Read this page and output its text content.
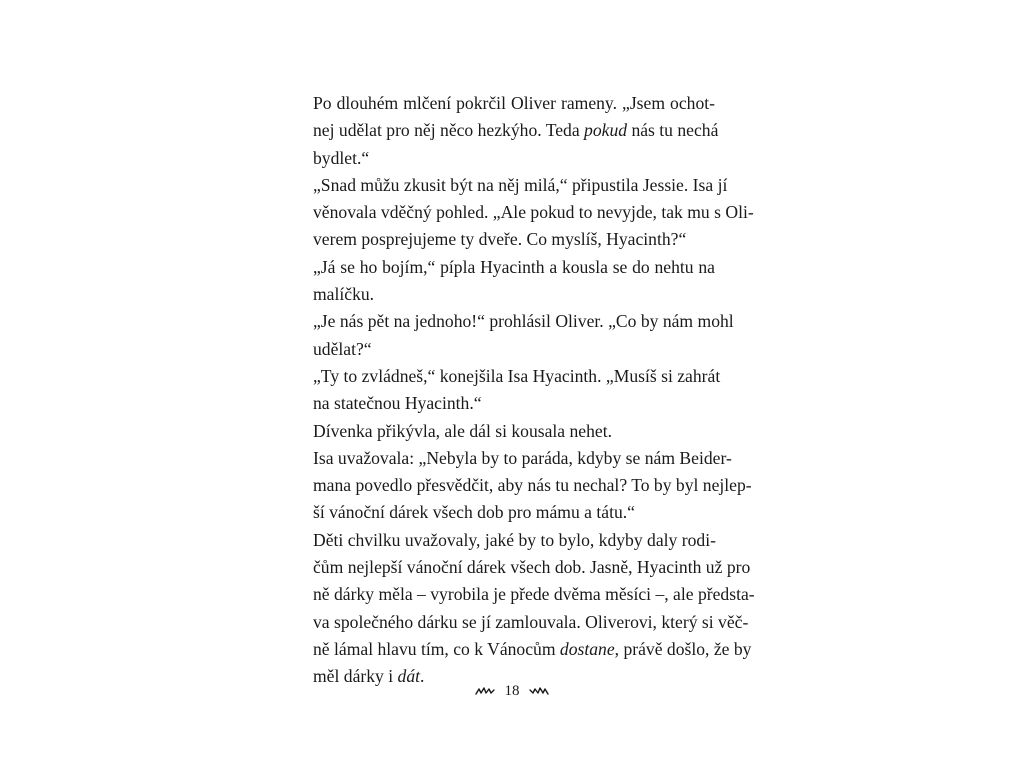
Po dlouhém mlčení pokrčil Oliver rameny. „Jsem ochot-
nej udělat pro něj něco hezkýho. Teda pokud nás tu nechá
bydlet.“
„Snad můžu zkusit být na něj milá,“ připustila Jessie. Isa jí
věnovala vděčný pohled. „Ale pokud to nevyjde, tak mu s Oli-
verem posprejujeme ty dveře. Co myslíš, Hyacinth?“
„Já se ho bojím,“ pípla Hyacinth a kousla se do nehtu na
malíčku.
„Je nás pět na jednoho!“ prohlásil Oliver. „Co by nám mohl
udělat?“
„Ty to zvládneš,“ konejšila Isa Hyacinth. „Musíš si zahrát
na statečnou Hyacinth.“
Dívenka přikývla, ale dál si kousala nehet.
Isa uvažovala: „Nebyla by to paráda, kdyby se nám Beider-
mana povedlo přesvědčit, aby nás tu nechal? To by byl nejlep-
ší vánoční dárek všech dob pro mámu a tátu.“
Děti chvilku uvažovaly, jaké by to bylo, kdyby daly rodi-
čům nejlepší vánoční dárek všech dob. Jasně, Hyacinth už pro
ně dárky měla – vyrobila je přede dvěma měsíci –, ale předsta-
va společného dárku se jí zamlouvala. Oliverovi, který si věč-
ně lámal hlavu tím, co k Vánocům dostane, právě došlo, že by
měl dárky i dát.
18
